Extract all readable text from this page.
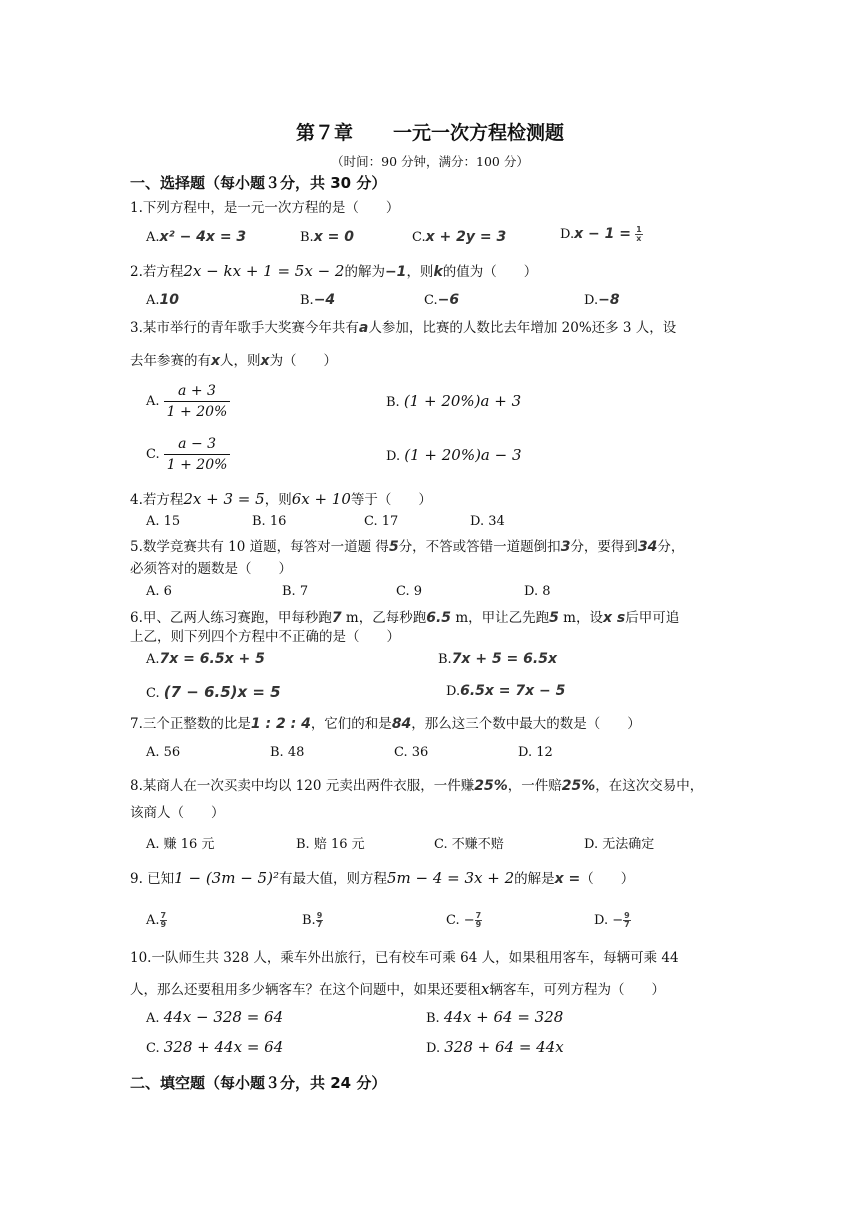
第７章 一元一次方程检测题
（时间：90 分钟，满分：100 分）
一、选择题（每小题３分，共 30 分）
1.下列方程中，是一元一次方程的是（　　）
A.x² − 4x = 3	B.x = 0	C.x + 2y = 3	$D.x - 1 = \frac{1}{x}$
2.若方程2x − kx + 1 = 5x − 2的解为−1，则k的值为（　　）
A.10	B.−4	C.−6	D.−8
3.某市举行的青年歌手大奖赛今年共有a人参加，比赛的人数比去年增加 20%还多 3 人，设
去年参赛的有x人，则x为（　　）
A. $\frac{a + 3}{1 + 20\%}$	B. (1 + 20%)a + 3
C. $\frac{a - 3}{1 + 20\%}$	D. (1 + 20%)a − 3
4.若方程2x + 3 = 5，则6x + 10等于（　　）
A. 15	B. 16	C. 17	D. 34
5.数学竞赛共有 10 道题，每答对一道题 得5分，不答或答错一道题倒扣3分，要得到34分，
必须答对的题数是（　　）
A. 6	B. 7	C. 9	D. 8
6.甲、乙两人练习赛跑，甲每秒跑7 m，乙每秒跑6.5 m，甲让乙先跑5 m，设x s后甲可追
上乙，则下列四个方程中不正确的是（　　）
A.7x = 6.5x + 5	B.7x + 5 = 6.5x
C. (7 − 6.5)x = 5	D.6.5x = 7x − 5
7.三个正整数的比是1 : 2 : 4，它们的和是84，那么这三个数中最大的数是（　　）
A. 56	B. 48	C. 36	D. 12
8.某商人在一次买卖中均以 120 元卖出两件衣服，一件赚25%，一件赔25%，在这次交易中，
该商人（　　）
A. 赚 16 元	B. 赔 16 元	C. 不赚不赔	D. 无法确定
9. 已知1 − (3m − 5)²有最大值，则方程5m − 4 = 3x + 2的解是x =（　　）
A. $\frac{7}{9}$	B. $\frac{9}{7}$	C. − $\frac{7}{9}$	D. − $\frac{9}{7}$
10.一队师生共 328 人，乘车外出旅行，已有校车可乘 64 人，如果租用客车，每辆可乘 44
人，那么还要租用多少辆客车？在这个问题中，如果还要租x辆客车，可列方程为（　　）
A. 44x − 328 = 64	B. 44x + 64 = 328
C. 328 + 44x = 64	D. 328 + 64 = 44x
二、填空题（每小题３分，共 24 分）
